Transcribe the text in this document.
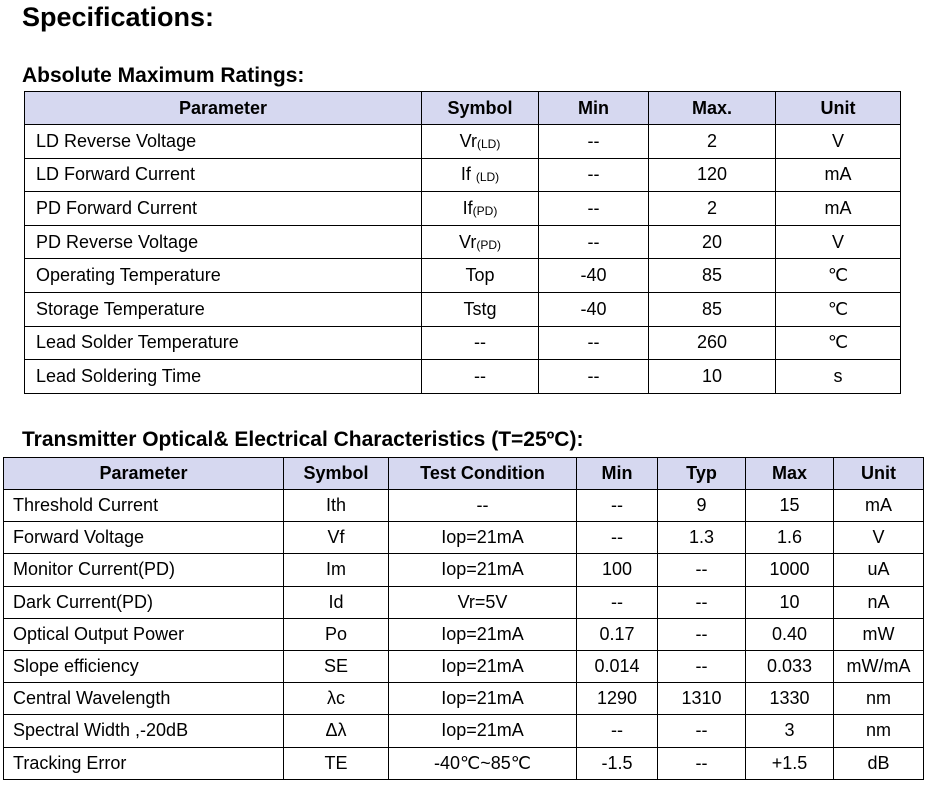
Specifications:
Absolute Maximum Ratings:
Parameter	Symbol	Min	Max.	Unit
LD Reverse Voltage	$Vr_{(LD)}$	--	2	V
LD Forward Current	If $_{(LD)}$	--	120	mA
PD Forward Current	$If_{(PD)}$	--	2	mA
PD Reverse Voltage	$Vr_{(PD)}$	--	20	V
Operating Temperature	Top	-40	85	℃
Storage Temperature	Tstg	-40	85	℃
Lead Solder Temperature	--	--	260	℃
Lead Soldering Time	--	--	10	s
Transmitter Optical& Electrical Characteristics (T=25ºC):
Parameter	Symbol	Test Condition	Min	Typ	Max	Unit
Threshold Current	Ith	--	--	9	15	mA
Forward Voltage	Vf	Iop=21mA	--	1.3	1.6	V
Monitor Current(PD)	Im	Iop=21mA	100	--	1000	uA
Dark Current(PD)	Id	Vr=5V	--	--	10	nA
Optical Output Power	Po	Iop=21mA	0.17	--	0.40	mW
Slope efficiency	SE	Iop=21mA	0.014	--	0.033	mW/mA
Central Wavelength	λc	Iop=21mA	1290	1310	1330	nm
Spectral Width ,-20dB	Δλ	Iop=21mA	--	--	3	nm
Tracking Error	TE	-40℃~85℃	-1.5	--	+1.5	dB
